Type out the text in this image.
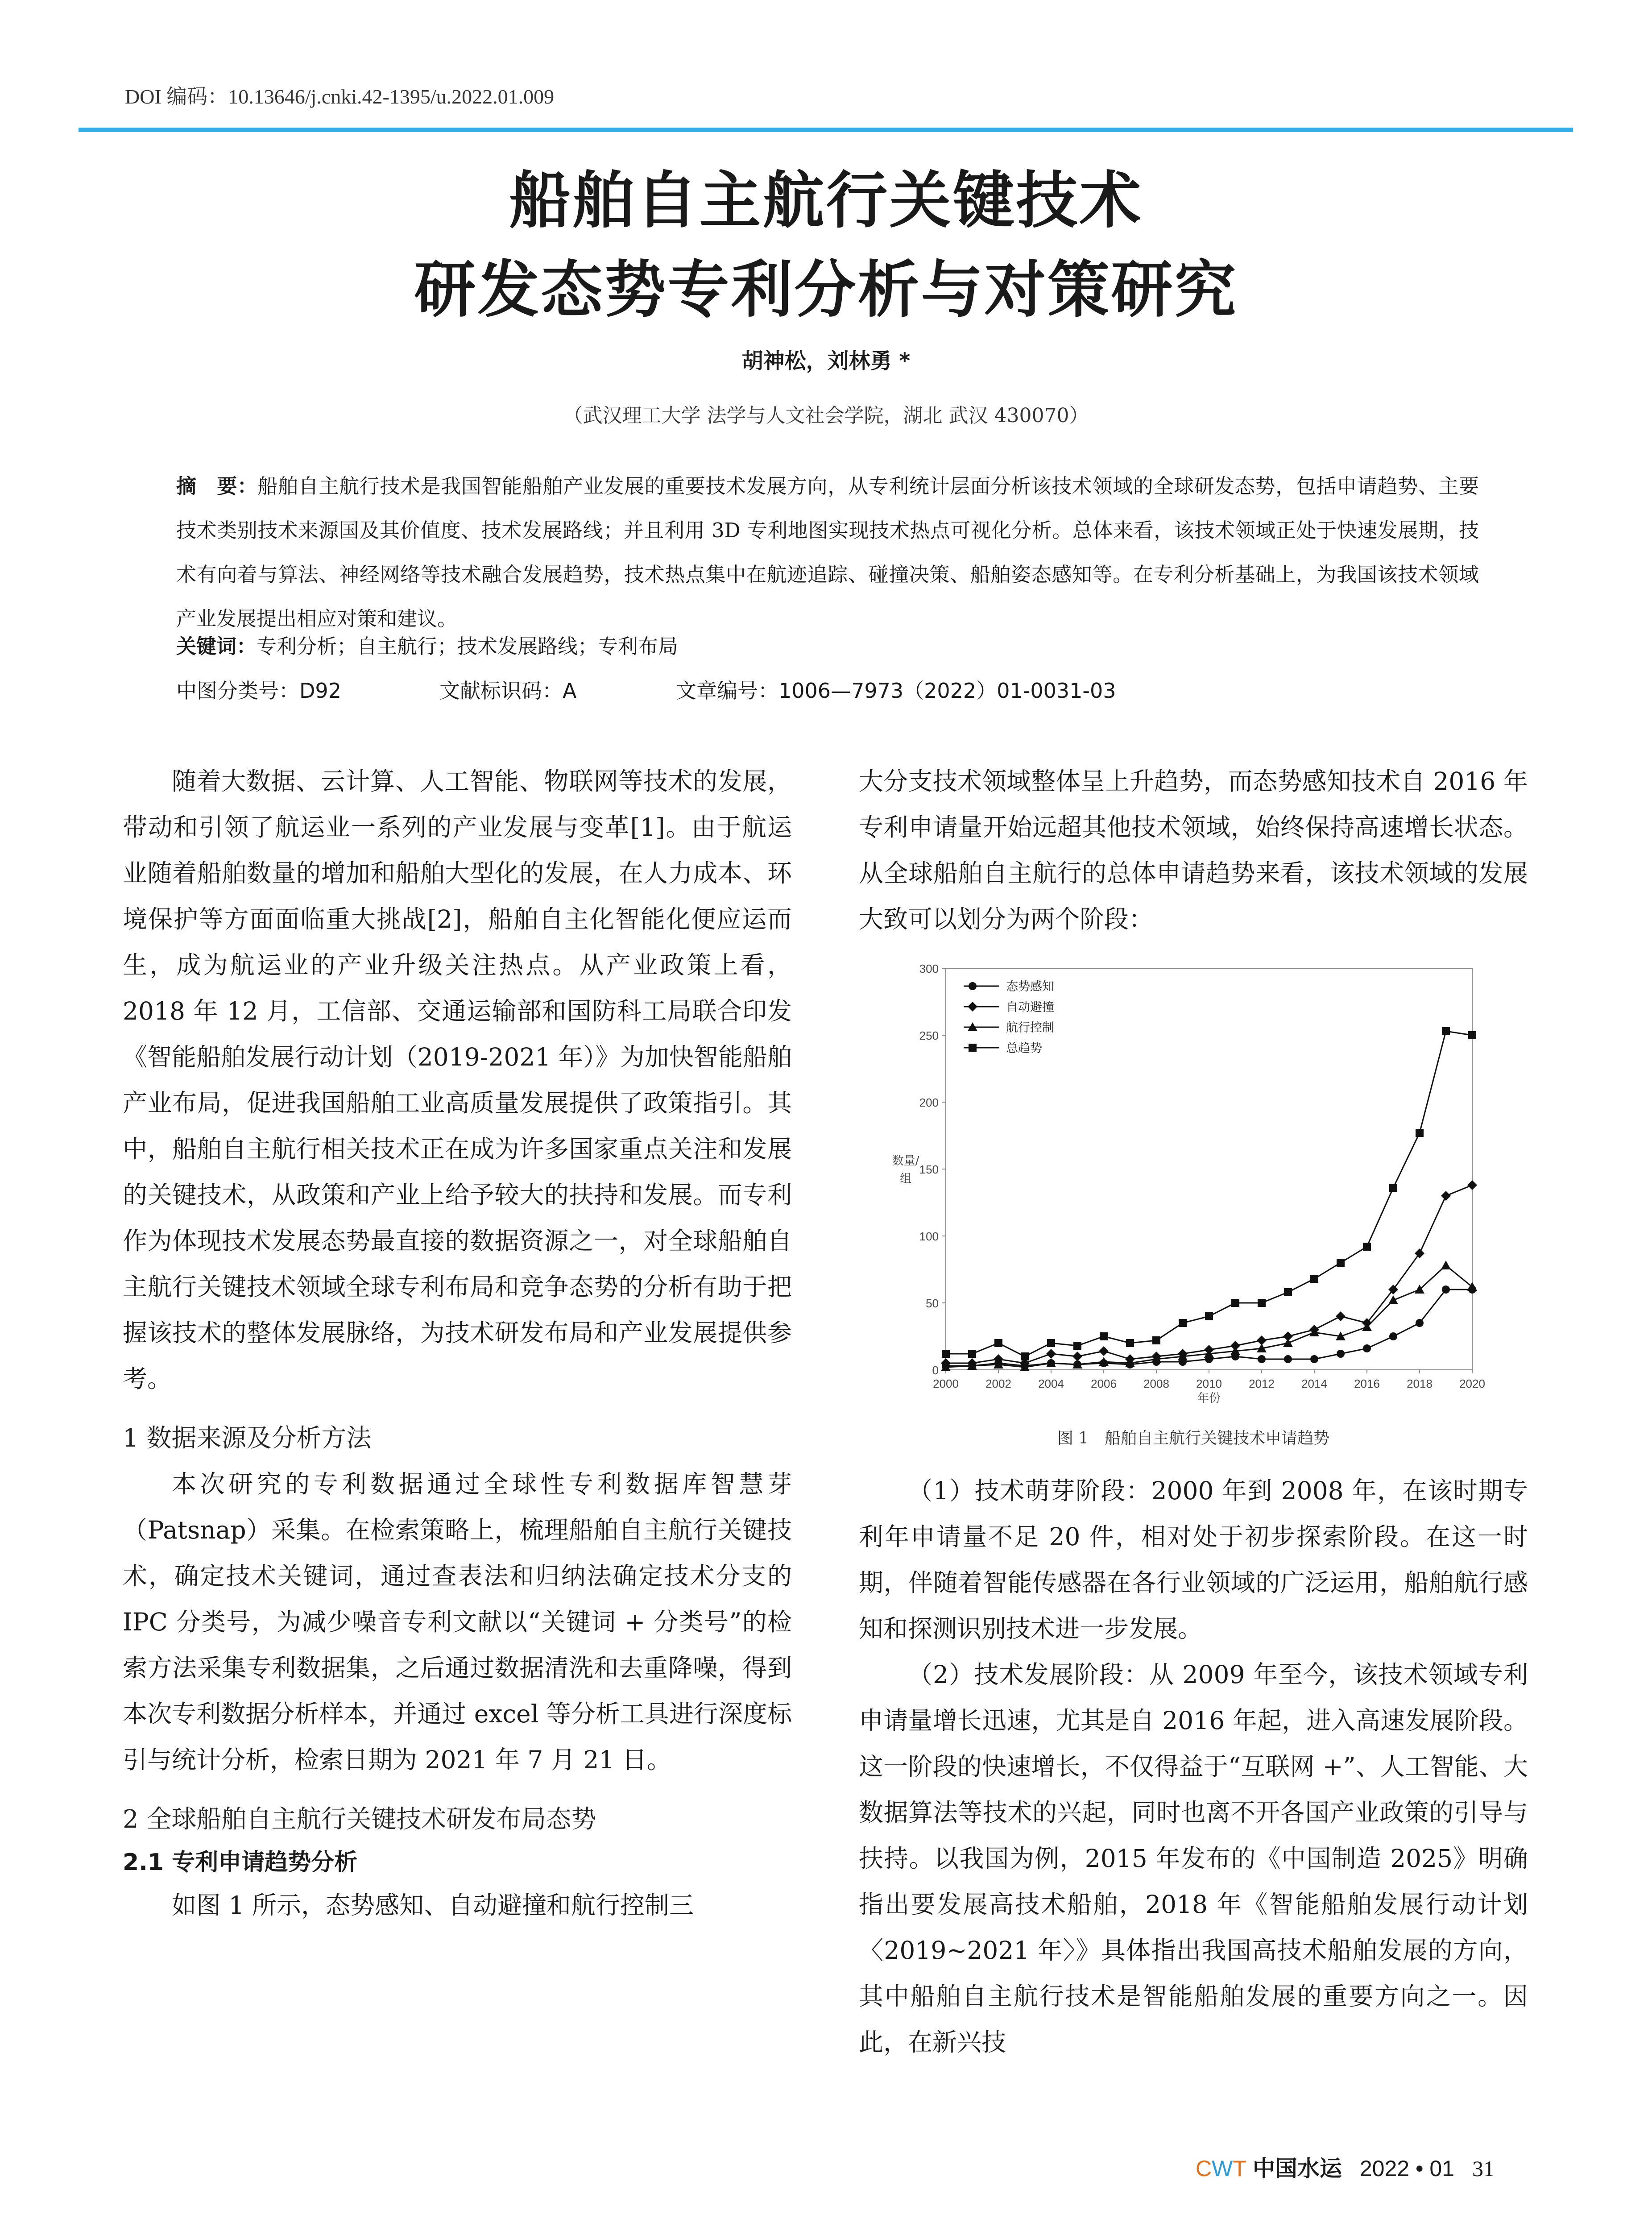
DOI 编码：10.13646/j.cnki.42-1395/u.2022.01.009
船舶自主航行关键技术
研发态势专利分析与对策研究
胡神松，刘林勇 *
（武汉理工大学 法学与人文社会学院，湖北 武汉 430070）
摘　要：船舶自主航行技术是我国智能船舶产业发展的重要技术发展方向，从专利统计层面分析该技术领域的全球研发态势，包括申请趋势、主要技术类别技术来源国及其价值度、技术发展路线；并且利用 3D 专利地图实现技术热点可视化分析。总体来看，该技术领域正处于快速发展期，技术有向着与算法、神经网络等技术融合发展趋势，技术热点集中在航迹追踪、碰撞决策、船舶姿态感知等。在专利分析基础上，为我国该技术领域产业发展提出相应对策和建议。
关键词：专利分析；自主航行；技术发展路线；专利布局
中图分类号：D92	文献标识码：A	文章编号：1006—7973（2022）01-0031-03

随着大数据、云计算、人工智能、物联网等技术的发展，带动和引领了航运业一系列的产业发展与变革[1]。由于航运业随着船舶数量的增加和船舶大型化的发展，在人力成本、环境保护等方面面临重大挑战[2]，船舶自主化智能化便应运而生，成为航运业的产业升级关注热点。从产业政策上看，2018 年 12 月，工信部、交通运输部和国防科工局联合印发《智能船舶发展行动计划（2019-2021 年）》为加快智能船舶产业布局，促进我国船舶工业高质量发展提供了政策指引。其中，船舶自主航行相关技术正在成为许多国家重点关注和发展的关键技术，从政策和产业上给予较大的扶持和发展。而专利作为体现技术发展态势最直接的数据资源之一，对全球船舶自主航行关键技术领域全球专利布局和竞争态势的分析有助于把握该技术的整体发展脉络，为技术研发布局和产业发展提供参考。

1 数据来源及分析方法

本次研究的专利数据通过全球性专利数据库智慧芽（Patsnap）采集。在检索策略上，梳理船舶自主航行关键技术，确定技术关键词，通过查表法和归纳法确定技术分支的 IPC 分类号，为减少噪音专利文献以“关键词 + 分类号”的检索方法采集专利数据集，之后通过数据清洗和去重降噪，得到本次专利数据分析样本，并通过 excel 等分析工具进行深度标引与统计分析，检索日期为 2021 年 7 月 21 日。

2 全球船舶自主航行关键技术研发布局态势

2.1 专利申请趋势分析

如图 1 所示，态势感知、自动避撞和航行控制三

大分支技术领域整体呈上升趋势，而态势感知技术自 2016 年专利申请量开始远超其他技术领域，始终保持高速增长状态。从全球船舶自主航行的总体申请趋势来看，该技术领域的发展大致可以划分为两个阶段：

0
50
100
150
200
250
300
2000 2002 2004 2006 2008 2010 2012 2014 2016 2018 2020
年份
数量/
组
态势感知
自动避撞
航行控制
总趋势
图 1　船舶自主航行关键技术申请趋势

（1）技术萌芽阶段：2000 年到 2008 年，在该时期专利年申请量不足 20 件，相对处于初步探索阶段。在这一时期，伴随着智能传感器在各行业领域的广泛运用，船舶航行感知和探测识别技术进一步发展。

（2）技术发展阶段：从 2009 年至今，该技术领域专利申请量增长迅速，尤其是自 2016 年起，进入高速发展阶段。这一阶段的快速增长，不仅得益于“互联网 +”、人工智能、大数据算法等技术的兴起，同时也离不开各国产业政策的引导与扶持。以我国为例，2015 年发布的《中国制造 2025》明确指出要发展高技术船舶，2018 年《智能船舶发展行动计划〈2019~2021 年〉》具体指出我国高技术船舶发展的方向，其中船舶自主航行技术是智能船舶发展的重要方向之一。因此，在新兴技

CWT 中国水运 2022 • 01 31
